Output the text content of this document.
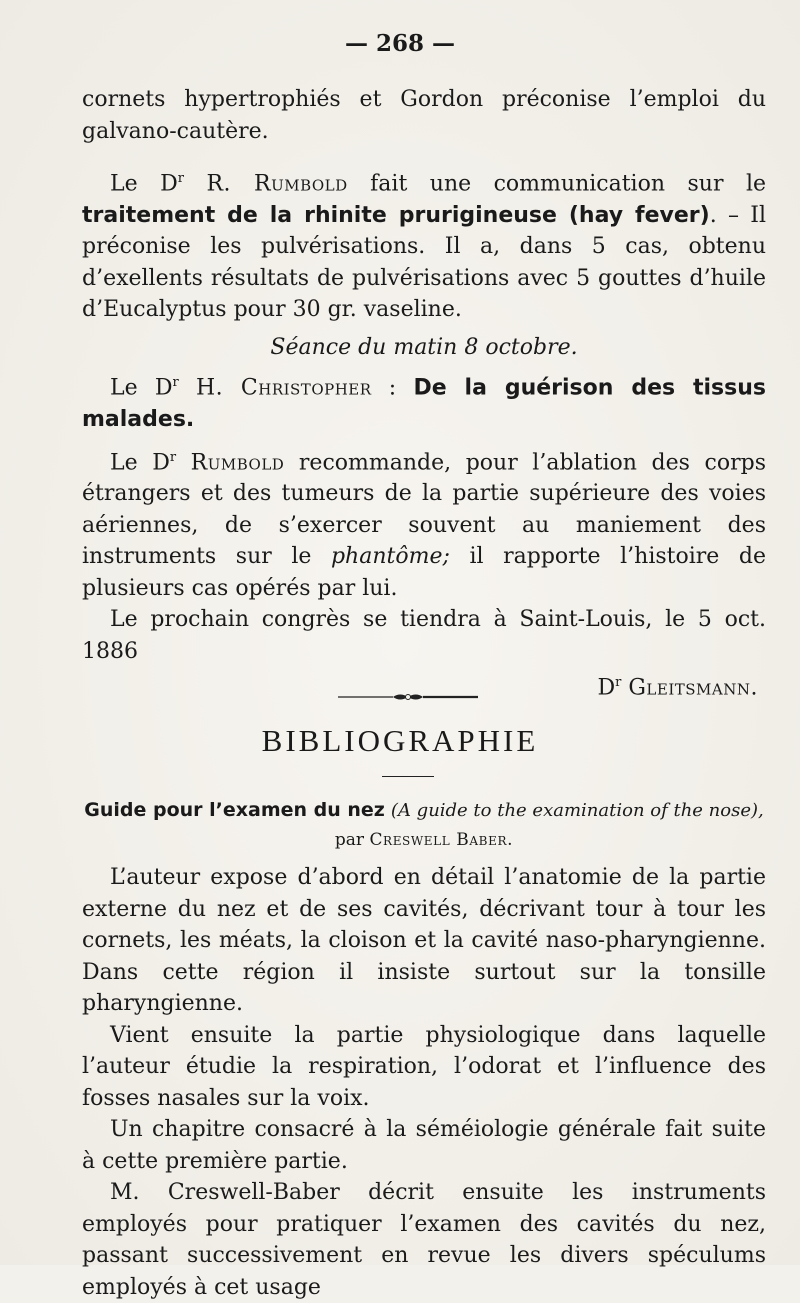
— 268 —

cornets hypertrophiés et Gordon préconise l’emploi du galvano-cautère.

Le $D^r$ R. Rumbold fait une communication sur le traitement de la rhinite prurigineuse (hay fever). – Il préconise les pulvérisations. Il a, dans 5 cas, obtenu d’exellents résultats de pulvérisations avec 5 gouttes d’huile d’Eucalyptus pour 30 gr. vaseline.

Séance du matin 8 octobre.

Le $D^r$ H. Christopher : De la guérison des tissus malades.

Le $D^r$ Rumbold recommande, pour l’ablation des corps étrangers et des tumeurs de la partie supérieure des voies aériennes, de s’exercer souvent au maniement des instruments sur le phantôme; il rapporte l’histoire de plusieurs cas opérés par lui.

Le prochain congrès se tiendra à Saint-Louis, le 5 oct. 1886

$D^r$ Gleitsmann.

BIBLIOGRAPHIE
Guide pour l’examen du nez (A guide to the examination of the nose), par Creswell Baber.

L’auteur expose d’abord en détail l’anatomie de la partie externe du nez et de ses cavités, décrivant tour à tour les cornets, les méats, la cloison et la cavité naso-pharyngienne. Dans cette région il insiste surtout sur la tonsille pharyngienne.

Vient ensuite la partie physiologique dans laquelle l’auteur étudie la respiration, l’odorat et l’influence des fosses nasales sur la voix.

Un chapitre consacré à la séméiologie générale fait suite à cette première partie.

M. Creswell-Baber décrit ensuite les instruments employés pour pratiquer l’examen des cavités du nez, passant successivement en revue les divers spéculums employés à cet usage
